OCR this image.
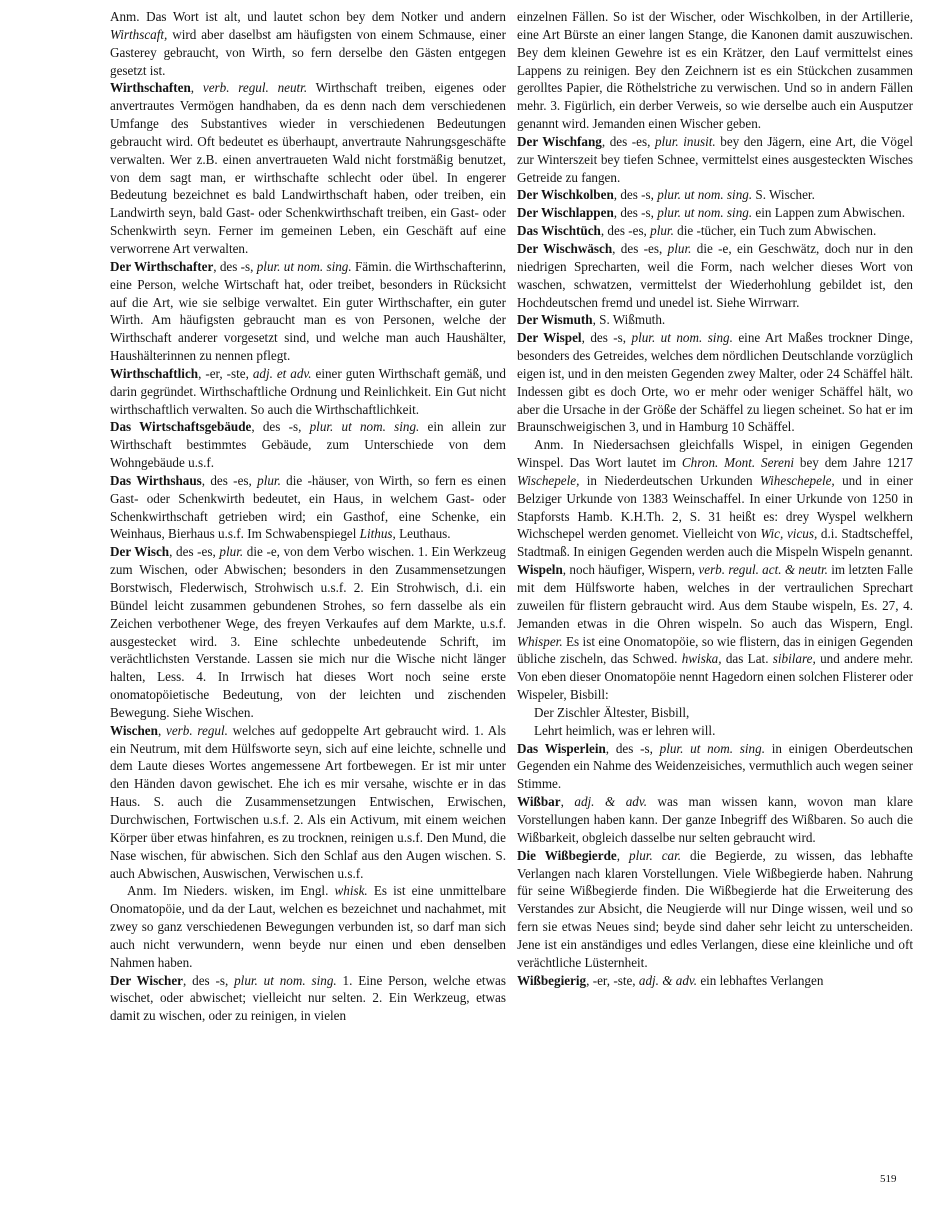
Anm. Das Wort ist alt, und lautet schon bey dem Notker und andern Wirthscaft, wird aber daselbst am häufigsten von einem Schmause, einer Gasterey gebraucht, von Wirth, so fern derselbe den Gästen entgegen gesetzt ist.

Wirthschaften, verb. regul. neutr. Wirthschaft treiben, eigenes oder anvertrautes Vermögen handhaben, da es denn nach dem verschiedenen Umfange des Substantives wieder in verschiedenen Bedeutungen gebraucht wird. Oft bedeutet es überhaupt, anvertraute Nahrungsgeschäfte verwalten. Wer z.B. einen anvertraueten Wald nicht forstmäßig benutzet, von dem sagt man, er wirthschafte schlecht oder übel. In engerer Bedeutung bezeichnet es bald Landwirthschaft haben, oder treiben, ein Landwirth seyn, bald Gast- oder Schenkwirthschaft treiben, ein Gast- oder Schenkwirth seyn. Ferner im gemeinen Leben, ein Geschäft auf eine verworrene Art verwalten.

Der Wirthschafter, des -s, plur. ut nom. sing. Fämin. die Wirthschafterinn, eine Person, welche Wirtschaft hat, oder treibet, besonders in Rücksicht auf die Art, wie sie selbige verwaltet. Ein guter Wirthschafter, ein guter Wirth. Am häufigsten gebraucht man es von Personen, welche der Wirthschaft anderer vorgesetzt sind, und welche man auch Haushälter, Haushälterinnen zu nennen pflegt.

Wirthschaftlich, -er, -ste, adj. et adv. einer guten Wirthschaft gemäß, und darin gegründet. Wirthschaftliche Ordnung und Reinlichkeit. Ein Gut nicht wirthschaftlich verwalten. So auch die Wirthschaftlichkeit.

Das Wirtschaftsgebäude, des -s, plur. ut nom. sing. ein allein zur Wirthschaft bestimmtes Gebäude, zum Unterschiede von dem Wohngebäude u.s.f.

Das Wirthshaus, des -es, plur. die -häuser, von Wirth, so fern es einen Gast- oder Schenkwirth bedeutet, ein Haus, in welchem Gast- oder Schenkwirthschaft getrieben wird; ein Gasthof, eine Schenke, ein Weinhaus, Bierhaus u.s.f. Im Schwabenspiegel Lithus, Leuthaus.

Der Wisch, des -es, plur. die -e, von dem Verbo wischen. 1. Ein Werkzeug zum Wischen, oder Abwischen; besonders in den Zusammensetzungen Borstwisch, Flederwisch, Strohwisch u.s.f. 2. Ein Strohwisch, d.i. ein Bündel leicht zusammen gebundenen Strohes, so fern dasselbe als ein Zeichen verbothener Wege, des freyen Verkaufes auf dem Markte, u.s.f. ausgestecket wird. 3. Eine schlechte unbedeutende Schrift, im verächtlichsten Verstande. Lassen sie mich nur die Wische nicht länger halten, Less. 4. In Irrwisch hat dieses Wort noch seine erste onomatopöietische Bedeutung, von der leichten und zischenden Bewegung. Siehe Wischen.

Wischen, verb. regul. welches auf gedoppelte Art gebraucht wird. 1. Als ein Neutrum, mit dem Hülfsworte seyn, sich auf eine leichte, schnelle und dem Laute dieses Wortes angemessene Art fortbewegen. Er ist mir unter den Händen davon gewischet. Ehe ich es mir versahe, wischte er in das Haus. S. auch die Zusammensetzungen Entwischen, Erwischen, Durchwischen, Fortwischen u.s.f. 2. Als ein Activum, mit einem weichen Körper über etwas hinfahren, es zu trocknen, reinigen u.s.f. Den Mund, die Nase wischen, für abwischen. Sich den Schlaf aus den Augen wischen. S. auch Abwischen, Auswischen, Verwischen u.s.f.

Anm. Im Nieders. wisken, im Engl. whisk. Es ist eine unmittelbare Onomatopöie, und da der Laut, welchen es bezeichnet und nachahmet, mit zwey so ganz verschiedenen Bewegungen verbunden ist, so darf man sich auch nicht verwundern, wenn beyde nur einen und eben denselben Nahmen haben.

Der Wischer, des -s, plur. ut nom. sing. 1. Eine Person, welche etwas wischet, oder abwischet; vielleicht nur selten. 2. Ein Werkzeug, etwas damit zu wischen, oder zu reinigen, in vielen

einzelnen Fällen. So ist der Wischer, oder Wischkolben, in der Artillerie, eine Art Bürste an einer langen Stange, die Kanonen damit auszuwischen. Bey dem kleinen Gewehre ist es ein Krätzer, den Lauf vermittelst eines Lappens zu reinigen. Bey den Zeichnern ist es ein Stückchen zusammen gerolltes Papier, die Röthelstriche zu verwischen. Und so in andern Fällen mehr. 3. Figürlich, ein derber Verweis, so wie derselbe auch ein Ausputzer genannt wird. Jemanden einen Wischer geben.

Der Wischfang, des -es, plur. inusit. bey den Jägern, eine Art, die Vögel zur Winterszeit bey tiefen Schnee, vermittelst eines ausgesteckten Wisches Getreide zu fangen.

Der Wischkolben, des -s, plur. ut nom. sing. S. Wischer.

Der Wischlappen, des -s, plur. ut nom. sing. ein Lappen zum Abwischen.

Das Wischtüch, des -es, plur. die -tücher, ein Tuch zum Abwischen.

Der Wischwäsch, des -es, plur. die -e, ein Geschwätz, doch nur in den niedrigen Sprecharten, weil die Form, nach welcher dieses Wort von waschen, schwatzen, vermittelst der Wiederhohlung gebildet ist, den Hochdeutschen fremd und unedel ist. Siehe Wirrwarr.

Der Wismuth, S. Wißmuth.

Der Wispel, des -s, plur. ut nom. sing. eine Art Maßes trockner Dinge, besonders des Getreides, welches dem nördlichen Deutschlande vorzüglich eigen ist, und in den meisten Gegenden zwey Malter, oder 24 Schäffel hält. Indessen gibt es doch Orte, wo er mehr oder weniger Schäffel hält, wo aber die Ursache in der Größe der Schäffel zu liegen scheinet. So hat er im Braunschweigischen 3, und in Hamburg 10 Schäffel.

Anm. In Niedersachsen gleichfalls Wispel, in einigen Gegenden Winspel. Das Wort lautet im Chron. Mont. Sereni bey dem Jahre 1217 Wischepele, in Niederdeutschen Urkunden Wiheschepele, und in einer Belziger Urkunde von 1383 Weinschaffel. In einer Urkunde von 1250 in Stapforsts Hamb. K.H.Th. 2, S. 31 heißt es: drey Wyspel welkhern Wichschepel werden genomet. Vielleicht von Wic, vicus, d.i. Stadtscheffel, Stadtmaß. In einigen Gegenden werden auch die Mispeln Wispeln genannt.

Wispeln, noch häufiger, Wispern, verb. regul. act. & neutr. im letzten Falle mit dem Hülfsworte haben, welches in der vertraulichen Sprechart zuweilen für flistern gebraucht wird. Aus dem Staube wispeln, Es. 27, 4. Jemanden etwas in die Ohren wispeln. So auch das Wispern, Engl. Whisper. Es ist eine Onomatopöie, so wie flistern, das in einigen Gegenden übliche zischeln, das Schwed. hwiska, das Lat. sibilare, und andere mehr. Von eben dieser Onomatopöie nennt Hagedorn einen solchen Flisterer oder Wispeler, Bisbill:

Der Zischler Ältester, Bisbill,

Lehrt heimlich, was er lehren will.

Das Wisperlein, des -s, plur. ut nom. sing. in einigen Oberdeutschen Gegenden ein Nahme des Weidenzeisiches, vermuthlich auch wegen seiner Stimme.

Wißbar, adj. & adv. was man wissen kann, wovon man klare Vorstellungen haben kann. Der ganze Inbegriff des Wißbaren. So auch die Wißbarkeit, obgleich dasselbe nur selten gebraucht wird.

Die Wißbegierde, plur. car. die Begierde, zu wissen, das lebhafte Verlangen nach klaren Vorstellungen. Viele Wißbegierde haben. Nahrung für seine Wißbegierde finden. Die Wißbegierde hat die Erweiterung des Verstandes zur Absicht, die Neugierde will nur Dinge wissen, weil und so fern sie etwas Neues sind; beyde sind daher sehr leicht zu unterscheiden. Jene ist ein anständiges und edles Verlangen, diese eine kleinliche und oft verächtliche Lüsternheit.

Wißbegierig, -er, -ste, adj. & adv. ein lebhaftes Verlangen

519
